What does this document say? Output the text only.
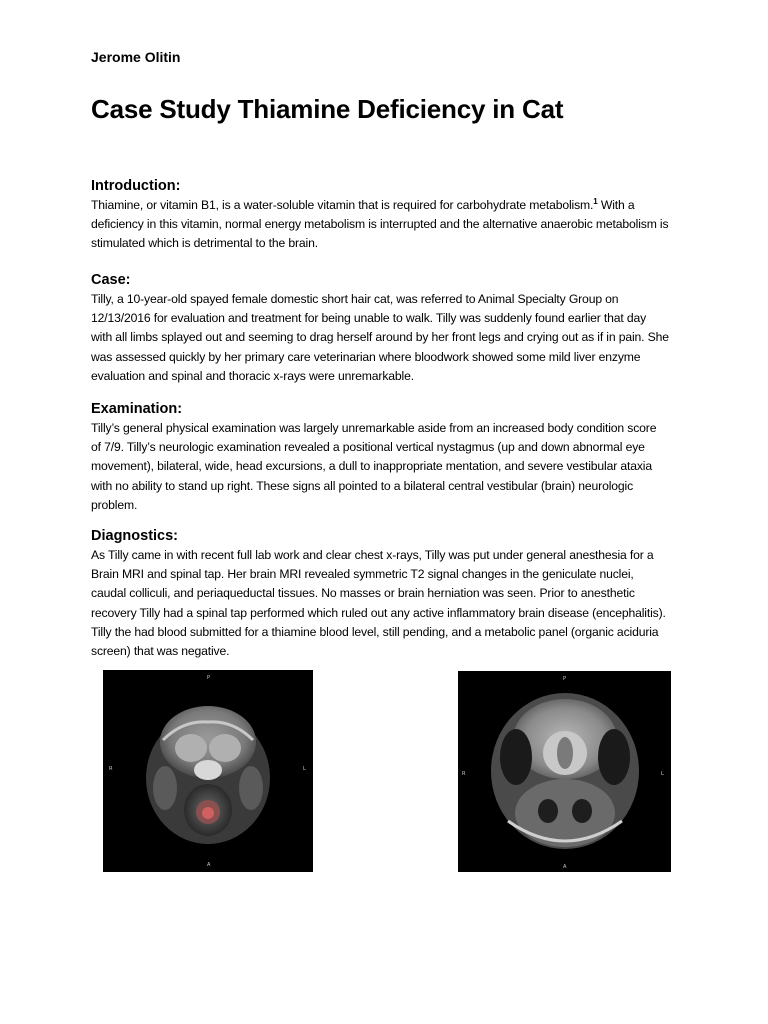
Jerome Olitin
Case Study Thiamine Deficiency in Cat
Introduction:

Thiamine, or vitamin B1, is a water-soluble vitamin that is required for carbohydrate metabolism.$^1$ With a deficiency in this vitamin, normal energy metabolism is interrupted and the alternative anaerobic metabolism is stimulated which is detrimental to the brain.

Case:

Tilly, a 10-year-old spayed female domestic short hair cat, was referred to Animal Specialty Group on 12/13/2016 for evaluation and treatment for being unable to walk. Tilly was suddenly found earlier that day with all limbs splayed out and seeming to drag herself around by her front legs and crying out as if in pain. She was assessed quickly by her primary care veterinarian where bloodwork showed some mild liver enzyme evaluation and spinal and thoracic x-rays were unremarkable.

Examination:

Tilly’s general physical examination was largely unremarkable aside from an increased body condition score of 7/9. Tilly’s neurologic examination revealed a positional vertical nystagmus (up and down abnormal eye movement), bilateral, wide, head excursions, a dull to inappropriate mentation, and severe vestibular ataxia with no ability to stand up right. These signs all pointed to a bilateral central vestibular (brain) neurologic problem.

Diagnostics:

As Tilly came in with recent full lab work and clear chest x-rays, Tilly was put under general anesthesia for a Brain MRI and spinal tap. Her brain MRI revealed symmetric T2 signal changes in the geniculate nuclei, caudal colliculi, and periaqueductal tissues. No masses or brain herniation was seen. Prior to anesthetic recovery Tilly had a spinal tap performed which ruled out any active inflammatory brain disease (encephalitis). Tilly the had blood submitted for a thiamine blood level, still pending, and a metabolic panel (organic aciduria screen) that was negative.

P
R	L
A
P
R	L
A
